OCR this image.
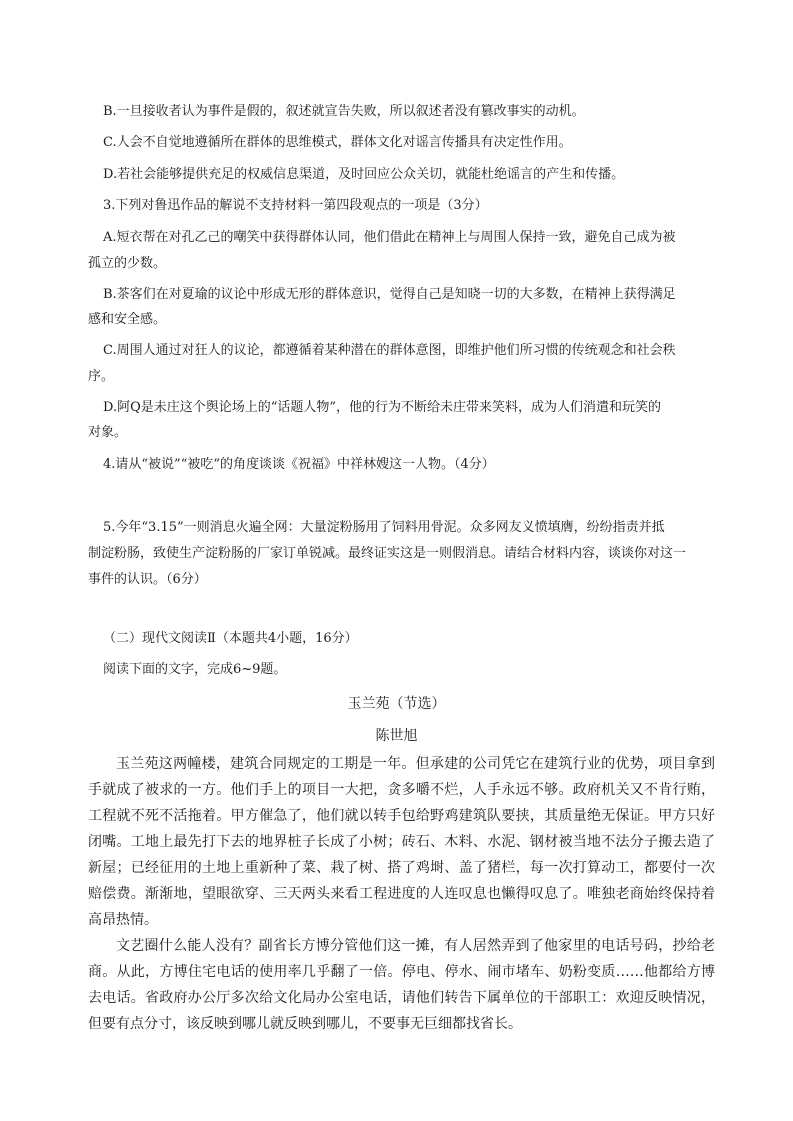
B.一旦接收者认为事件是假的，叙述就宣告失败，所以叙述者没有篡改事实的动机。
C.人会不自觉地遵循所在群体的思维模式，群体文化对谣言传播具有决定性作用。
D.若社会能够提供充足的权威信息渠道，及时回应公众关切，就能杜绝谣言的产生和传播。
3.下列对鲁迅作品的解说不支持材料一第四段观点的一项是（3分）
A.短衣帮在对孔乙己的嘲笑中获得群体认同，他们借此在精神上与周围人保持一致，避免自己成为被
孤立的少数。
B.茶客们在对夏瑜的议论中形成无形的群体意识，觉得自己是知晓一切的大多数，在精神上获得满足
感和安全感。
C.周围人通过对狂人的议论，都遵循着某种潜在的群体意图，即维护他们所习惯的传统观念和社会秩
序。
D.阿Q是未庄这个舆论场上的“话题人物”，他的行为不断给未庄带来笑料，成为人们消遣和玩笑的
对象。
4.请从“被说”“被吃”的角度谈谈《祝福》中祥林嫂这一人物。（4分）
5.今年“3.15”一则消息火遍全网：大量淀粉肠用了饲料用骨泥。众多网友义愤填膺，纷纷指责并抵
制淀粉肠，致使生产淀粉肠的厂家订单锐减。最终证实这是一则假消息。请结合材料内容，谈谈你对这一
事件的认识。（6分）
（二）现代文阅读Ⅱ（本题共4小题，16分）
阅读下面的文字，完成6~9题。
玉兰苑（节选）
陈世旭

玉兰苑这两幢楼，建筑合同规定的工期是一年。但承建的公司凭它在建筑行业的优势，项目拿到手就成了被求的一方。他们手上的项目一大把，贪多嚼不烂，人手永远不够。政府机关又不肯行贿，工程就不死不活拖着。甲方催急了，他们就以转手包给野鸡建筑队要挟，其质量绝无保证。甲方只好闭嘴。工地上最先打下去的地界桩子长成了小树；砖石、木料、水泥、钢材被当地不法分子搬去造了新屋；已经征用的土地上重新种了菜、栽了树、搭了鸡埘、盖了猪栏，每一次打算动工，都要付一次赔偿费。渐渐地，望眼欲穿、三天两头来看工程进度的人连叹息也懒得叹息了。唯独老商始终保持着高昂热情。

文艺圈什么能人没有？副省长方博分管他们这一摊，有人居然弄到了他家里的电话号码，抄给老商。从此，方博住宅电话的使用率几乎翻了一倍。停电、停水、闹市堵车、奶粉变质……他都给方博去电话。省政府办公厅多次给文化局办公室电话，请他们转告下属单位的干部职工：欢迎反映情况，但要有点分寸，该反映到哪儿就反映到哪儿，不要事无巨细都找省长。
